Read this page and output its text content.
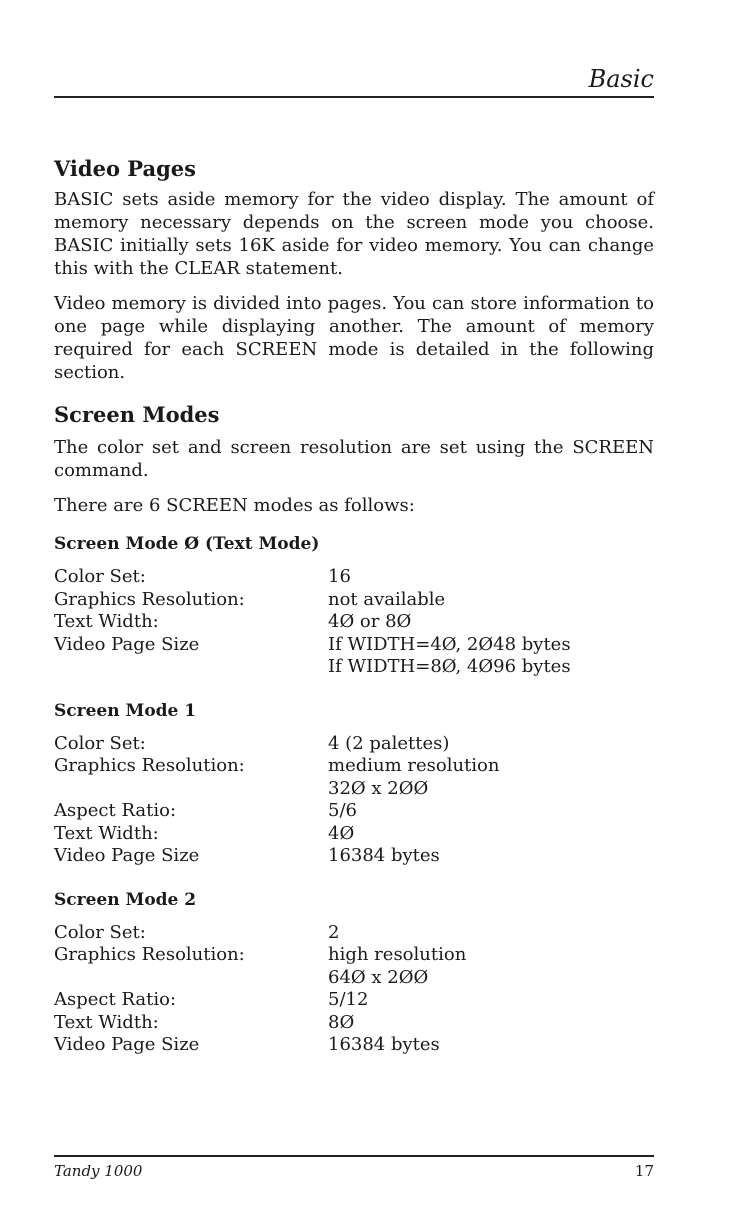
Basic
Video Pages

BASIC sets aside memory for the video display. The amount of memory necessary depends on the screen mode you choose. BASIC initially sets 16K aside for video memory. You can change this with the CLEAR statement.

Video memory is divided into pages. You can store information to one page while displaying another. The amount of memory required for each SCREEN mode is detailed in the following section.

Screen Modes

The color set and screen resolution are set using the SCREEN command.

There are 6 SCREEN modes as follows:

Screen Mode Ø (Text Mode)
Color Set:	16
Graphics Resolution:	not available
Text Width:	4Ø or 8Ø
Video Page Size	If WIDTH=4Ø, 2Ø48 bytes
If WIDTH=8Ø, 4Ø96 bytes
Screen Mode 1
Color Set:	4 (2 palettes)
Graphics Resolution:	medium resolution
32Ø x 2ØØ
Aspect Ratio:	5/6
Text Width:	4Ø
Video Page Size	16384 bytes
Screen Mode 2
Color Set:	2
Graphics Resolution:	high resolution
64Ø x 2ØØ
Aspect Ratio:	5/12
Text Width:	8Ø
Video Page Size	16384 bytes
Tandy 1000	17
